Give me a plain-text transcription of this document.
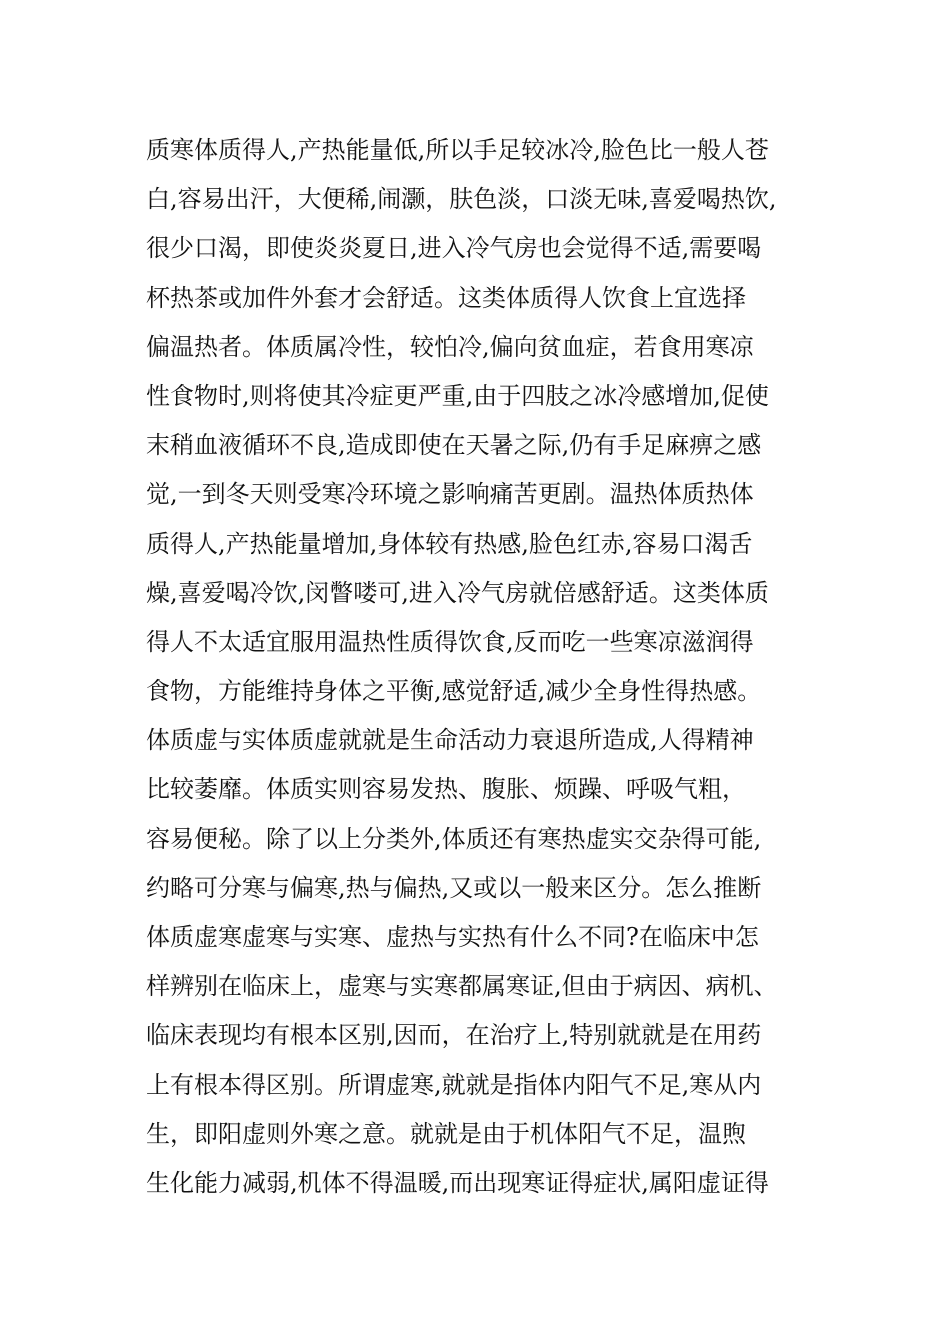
质寒体质得人,产热能量低,所以手足较冰冷,脸色比一般人苍
白,容易出汗，大便稀,闹灏，肤色淡，口淡无味,喜爱喝热饮,
很少口渴，即使炎炎夏日,进入冷气房也会觉得不适,需要喝
杯热茶或加件外套才会舒适。这类体质得人饮食上宜选择
偏温热者。体质属冷性，较怕冷,偏向贫血症，若食用寒凉
性食物时,则将使其冷症更严重,由于四肢之冰冷感增加,促使
末稍血液循环不良,造成即使在天暑之际,仍有手足麻痹之感
觉,一到冬天则受寒冷环境之影响痛苦更剧。温热体质热体
质得人,产热能量增加,身体较有热感,脸色红赤,容易口渴舌
燥,喜爱喝冷饮,闵瞥喽可,进入冷气房就倍感舒适。这类体质
得人不太适宜服用温热性质得饮食,反而吃一些寒凉滋润得
食物，方能维持身体之平衡,感觉舒适,减少全身性得热感。
体质虚与实体质虚就就是生命活动力衰退所造成,人得精神
比较萎靡。体质实则容易发热、腹胀、烦躁、呼吸气粗，
容易便秘。除了以上分类外,体质还有寒热虚实交杂得可能,
约略可分寒与偏寒,热与偏热,又或以一般来区分。怎么推断
体质虚寒虚寒与实寒、虚热与实热有什么不同?在临床中怎
样辨别在临床上，虚寒与实寒都属寒证,但由于病因、病机、
临床表现均有根本区别,因而，在治疗上,特别就就是在用药
上有根本得区别。所谓虚寒,就就是指体内阳气不足,寒从内
生，即阳虚则外寒之意。就就是由于机体阳气不足，温煦
生化能力减弱,机体不得温暖,而出现寒证得症状,属阳虚证得
